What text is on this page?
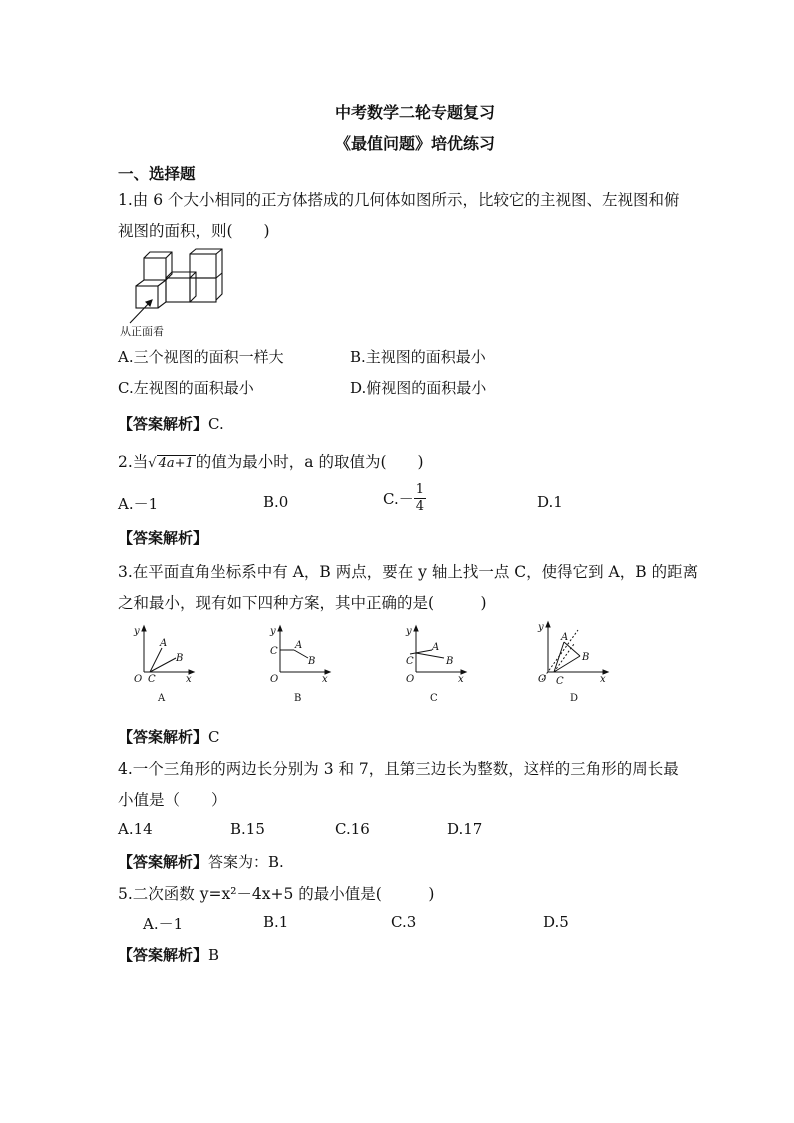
中考数学二轮专题复习
《最值问题》培优练习
一、选择题
1.由 6 个大小相同的正方体搭成的几何体如图所示，比较它的主视图、左视图和俯
视图的面积，则(　　)
从正面看
A.三个视图的面积一样大	B.主视图的面积最小
C.左视图的面积最小	D.俯视图的面积最小
【答案解析】C.
2.当√ 4a+1 的值为最小时，a 的取值为(　　)
A.－1	B.0	$C.- \frac{1}{4}$	D.1
【答案解析】
3.在平面直角坐标系中有 A，B 两点，要在 y 轴上找一点 C，使得它到 A，B 的距离
之和最小，现有如下四种方案，其中正确的是(　　　)
y
x
O C
A
B
A
y
x
O
C
A
B
B
y
x
O
C
A
B
C
y
x
O C
A
B
D
【答案解析】C
4.一个三角形的两边长分别为 3 和 7，且第三边长为整数，这样的三角形的周长最
小值是（　　）
A.14	B.15	C.16	D.17
【答案解析】答案为：B.
5.二次函数 y=x²－4x+5 的最小值是(　　　)
A.－1	B.1	C.3	D.5
【答案解析】B
